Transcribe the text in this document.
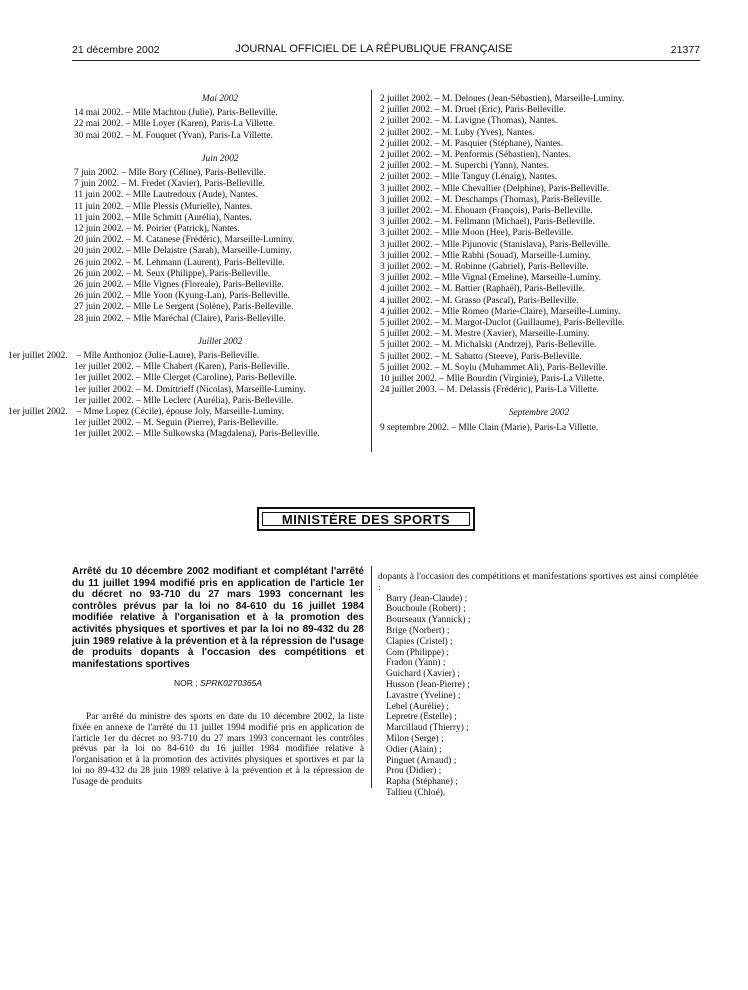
21 décembre 2002	JOURNAL OFFICIEL DE LA RÉPUBLIQUE FRANÇAISE	21377
Mai 2002
14 mai 2002. – Mlle Machtou (Julie), Paris-Belleville.
22 mai 2002. – Mlle Loyer (Karen), Paris-La Villette.
30 mai 2002. – M. Fouquet (Yvan), Paris-La Villette.
Juin 2002
7 juin 2002. – Mlle Bory (Céline), Paris-Belleville.
7 juin 2002. – M. Fredet (Xavier), Paris-Belleville.
11 juin 2002. – Mlle Lautredoux (Aude), Nantes.
11 juin 2002. – Mlle Plessis (Murielle), Nantes.
11 juin 2002. – Mlle Schmitt (Aurélia), Nantes.
12 juin 2002. – M. Poirier (Patrick), Nantes.
20 juin 2002. – M. Catanese (Frédéric), Marseille-Luminy.
20 juin 2002. – Mlle Delaistre (Sarah), Marseille-Luminy.
26 juin 2002. – M. Lehmann (Laurent), Paris-Belleville.
26 juin 2002. – M. Seux (Philippe), Paris-Belleville.
26 juin 2002. – Mlle Vignes (Floreale), Paris-Belleville.
26 juin 2002. – Mlle Yoon (Kyung-Lan), Paris-Belleville.
27 juin 2002. – Mlle Le Sergent (Solène), Paris-Belleville.
28 juin 2002. – Mlle Maréchal (Claire), Paris-Belleville.
Juillet 2002
1er juillet 2002. – Mlle Anthonioz (Julie-Laure), Paris-Belleville.
1er juillet 2002. – Mlle Chabert (Karen), Paris-Belleville.
1er juillet 2002. – Mlle Clerget (Caroline), Paris-Belleville.
1er juillet 2002. – M. Dmittrieff (Nicolas), Marseille-Luminy.
1er juillet 2002. – Mlle Leclerc (Aurélia), Paris-Belleville.
1er juillet 2002. – Mme Lopez (Cécile), épouse Joly, Marseille-Luminy.
1er juillet 2002. – M. Seguin (Pierre), Paris-Belleville.
1er juillet 2002. – Mlle Sulkowska (Magdalena), Paris-Belleville.
2 juillet 2002. – M. Deloues (Jean-Sébastien), Marseille-Luminy.
2 juillet 2002. – M. Druel (Eric), Paris-Belleville.
2 juillet 2002. – M. Lavigne (Thomas), Nantes.
2 juillet 2002. – M. Luby (Yves), Nantes.
2 juillet 2002. – M. Pasquier (Stéphane), Nantes.
2 juillet 2002. – M. Penformis (Sébastien), Nantes.
2 juillet 2002. – M. Superchi (Yann), Nantes.
2 juillet 2002. – Mlle Tanguy (Lénaïg), Nantes.
3 juillet 2002. – Mlle Chevallier (Delphine), Paris-Belleville.
3 juillet 2002. – M. Deschamps (Thomas), Paris-Belleville.
3 juillet 2002. – M. Ehouarn (François), Paris-Belleville.
3 juillet 2002. – M. Fellmann (Michael), Paris-Belleville.
3 juillet 2002. – Mlle Moon (Hee), Paris-Belleville.
3 juillet 2002. – Mlle Pijunovic (Stanislava), Paris-Belleville.
3 juillet 2002. – Mlle Rabhi (Souad), Marseille-Luminy.
3 juillet 2002. – M. Robinne (Gabriel), Paris-Belleville.
3 juillet 2002. – Mlle Vignal (Emeline), Marseille-Luminy.
4 juillet 2002. – M. Battier (Raphaël), Paris-Belleville.
4 juillet 2002. – M. Grasso (Pascal), Paris-Belleville.
4 juillet 2002. – Mlle Romeo (Marie-Claire), Marseille-Luminy.
5 juillet 2002. – M. Margot-Duclot (Guillaume), Paris-Belleville.
5 juillet 2002. – M. Mestre (Xavier), Marseille-Luminy.
5 juillet 2002. – M. Michalski (Andrzej), Paris-Belleville.
5 juillet 2002. – M. Sabatto (Steeve), Paris-Belleville.
5 juillet 2002. – M. Soylu (Muhammet Ali), Paris-Belleville.
10 juillet 2002. – Mlle Bourdin (Virginie), Paris-La Villette.
24 juillet 2003. – M. Delassis (Frédéric), Paris-La Villette.
Septembre 2002
9 septembre 2002. – Mlle Clain (Marie), Paris-La Villette.
MINISTÈRE DES SPORTS
Arrêté du 10 décembre 2002 modifiant et complétant l'arrêté du 11 juillet 1994 modifié pris en application de l'article 1er du décret no 93-710 du 27 mars 1993 concernant les contrôles prévus par la loi no 84-610 du 16 juillet 1984 modifiée relative à l'organisation et à la promotion des activités physiques et sportives et par la loi no 89-432 du 28 juin 1989 relative à la prévention et à la répression de l'usage de produits dopants à l'occasion des compétitions et manifestations sportives
NOR : SPRK0270365A
Par arrêté du ministre des sports en date du 10 décembre 2002, la liste fixée en annexe de l'arrêté du 11 juillet 1994 modifié pris en application de l'article 1er du décret no 93-710 du 27 mars 1993 concernant les contrôles prévus par la loi no 84-610 du 16 juillet 1984 modifiée relative à l'organisation et à la promotion des activités physiques et sportives et par la loi no 89-432 du 28 juin 1989 relative à la prévention et à la répression de l'usage de produits
dopants à l'occasion des compétitions et manifestations sportives est ainsi complétée :
Barry (Jean-Claude) ;
Bouchoule (Robert) ;
Bourseaux (Yannick) ;
Brige (Norbert) ;
Clapies (Cristel) ;
Com (Philippe) ;
Fradon (Yann) ;
Guichard (Xavier) ;
Husson (Jean-Pierre) ;
Lavastre (Yveline) ;
Lebel (Aurélie) ;
Lepretre (Estelle) ;
Marcillaud (Thierry) ;
Milon (Serge) ;
Odier (Alain) ;
Pinguet (Arnaud) ;
Prou (Didier) ;
Rapha (Stéphane) ;
Tallieu (Chloé).
